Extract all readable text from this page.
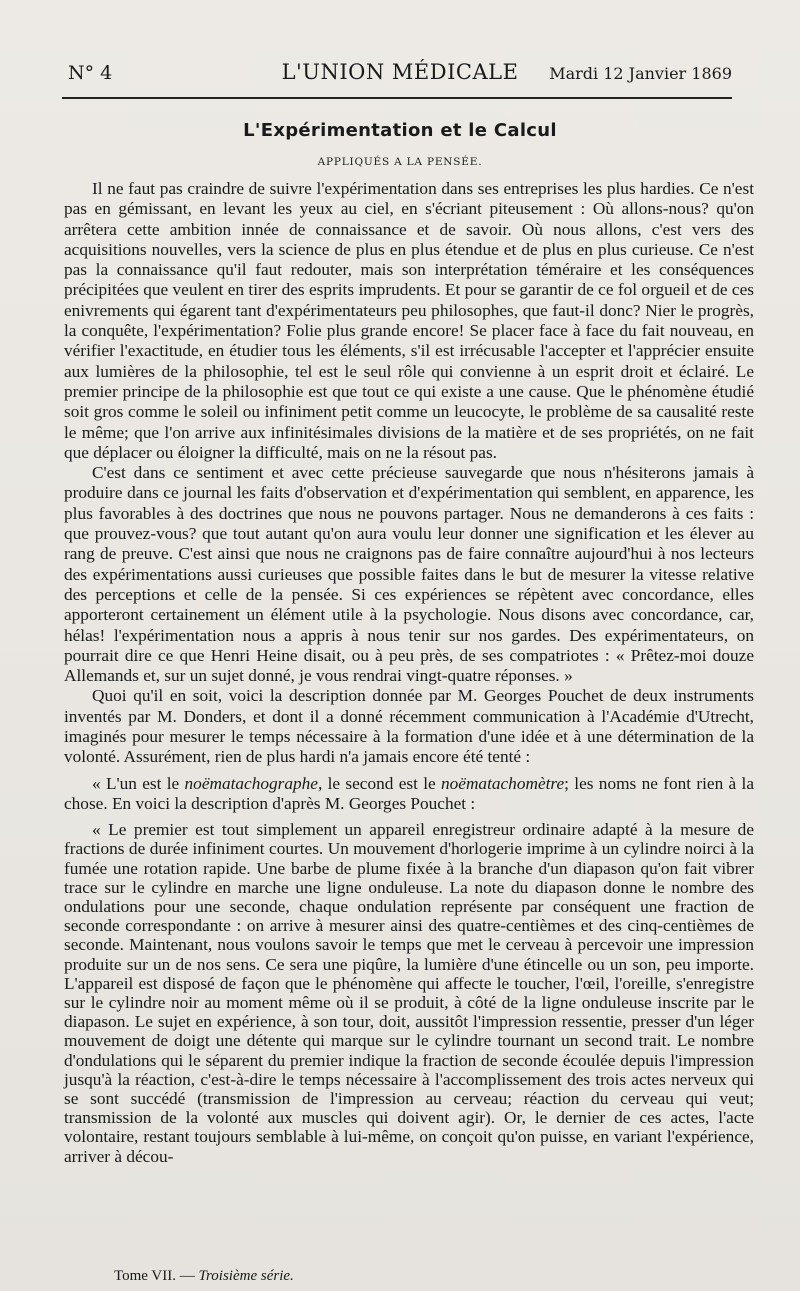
N° 4	L'UNION MÉDICALE	Mardi 12 Janvier 1869
L'Expérimentation et le Calcul
APPLIQUÉS A LA PENSÉE.

Il ne faut pas craindre de suivre l'expérimentation dans ses entreprises les plus hardies. Ce n'est pas en gémissant, en levant les yeux au ciel, en s'écriant piteusement : Où allons-nous? qu'on arrêtera cette ambition innée de connaissance et de savoir. Où nous allons, c'est vers des acquisitions nouvelles, vers la science de plus en plus étendue et de plus en plus curieuse. Ce n'est pas la connaissance qu'il faut redouter, mais son interprétation téméraire et les conséquences précipitées que veulent en tirer des esprits imprudents. Et pour se garantir de ce fol orgueil et de ces enivrements qui égarent tant d'expérimentateurs peu philosophes, que faut-il donc? Nier le progrès, la conquête, l'expérimentation? Folie plus grande encore! Se placer face à face du fait nouveau, en vérifier l'exactitude, en étudier tous les éléments, s'il est irrécusable l'accepter et l'apprécier ensuite aux lumières de la philosophie, tel est le seul rôle qui convienne à un esprit droit et éclairé. Le premier principe de la philosophie est que tout ce qui existe a une cause. Que le phénomène étudié soit gros comme le soleil ou infiniment petit comme un leucocyte, le problème de sa causalité reste le même; que l'on arrive aux infinitésimales divisions de la matière et de ses propriétés, on ne fait que déplacer ou éloigner la difficulté, mais on ne la résout pas.

C'est dans ce sentiment et avec cette précieuse sauvegarde que nous n'hésiterons jamais à produire dans ce journal les faits d'observation et d'expérimentation qui semblent, en apparence, les plus favorables à des doctrines que nous ne pouvons partager. Nous ne demanderons à ces faits : que prouvez-vous? que tout autant qu'on aura voulu leur donner une signification et les élever au rang de preuve. C'est ainsi que nous ne craignons pas de faire connaître aujourd'hui à nos lecteurs des expérimentations aussi curieuses que possible faites dans le but de mesurer la vitesse relative des perceptions et celle de la pensée. Si ces expériences se répètent avec concordance, elles apporteront certainement un élément utile à la psychologie. Nous disons avec concordance, car, hélas! l'expérimentation nous a appris à nous tenir sur nos gardes. Des expérimentateurs, on pourrait dire ce que Henri Heine disait, ou à peu près, de ses compatriotes : « Prêtez-moi douze Allemands et, sur un sujet donné, je vous rendrai vingt-quatre réponses. »

Quoi qu'il en soit, voici la description donnée par M. Georges Pouchet de deux instruments inventés par M. Donders, et dont il a donné récemment communication à l'Académie d'Utrecht, imaginés pour mesurer le temps nécessaire à la formation d'une idée et à une détermination de la volonté. Assurément, rien de plus hardi n'a jamais encore été tenté :

« L'un est le noëmatachographe, le second est le noëmatachomètre; les noms ne font rien à la chose. En voici la description d'après M. Georges Pouchet :

« Le premier est tout simplement un appareil enregistreur ordinaire adapté à la mesure de fractions de durée infiniment courtes. Un mouvement d'horlogerie imprime à un cylindre noirci à la fumée une rotation rapide. Une barbe de plume fixée à la branche d'un diapason qu'on fait vibrer trace sur le cylindre en marche une ligne onduleuse. La note du diapason donne le nombre des ondulations pour une seconde, chaque ondulation représente par conséquent une fraction de seconde correspondante : on arrive à mesurer ainsi des quatre-centièmes et des cinq-centièmes de seconde. Maintenant, nous voulons savoir le temps que met le cerveau à percevoir une impression produite sur un de nos sens. Ce sera une piqûre, la lumière d'une étincelle ou un son, peu importe. L'appareil est disposé de façon que le phénomène qui affecte le toucher, l'œil, l'oreille, s'enregistre sur le cylindre noir au moment même où il se produit, à côté de la ligne onduleuse inscrite par le diapason. Le sujet en expérience, à son tour, doit, aussitôt l'impression ressentie, presser d'un léger mouvement de doigt une détente qui marque sur le cylindre tournant un second trait. Le nombre d'ondulations qui le séparent du premier indique la fraction de seconde écoulée depuis l'impression jusqu'à la réaction, c'est-à-dire le temps nécessaire à l'accomplissement des trois actes nerveux qui se sont succédé (transmission de l'impression au cerveau; réaction du cerveau qui veut; transmission de la volonté aux muscles qui doivent agir). Or, le dernier de ces actes, l'acte volontaire, restant toujours semblable à lui-même, on conçoit qu'on puisse, en variant l'expérience, arriver à décou-

Tome VII. — Troisième série.
